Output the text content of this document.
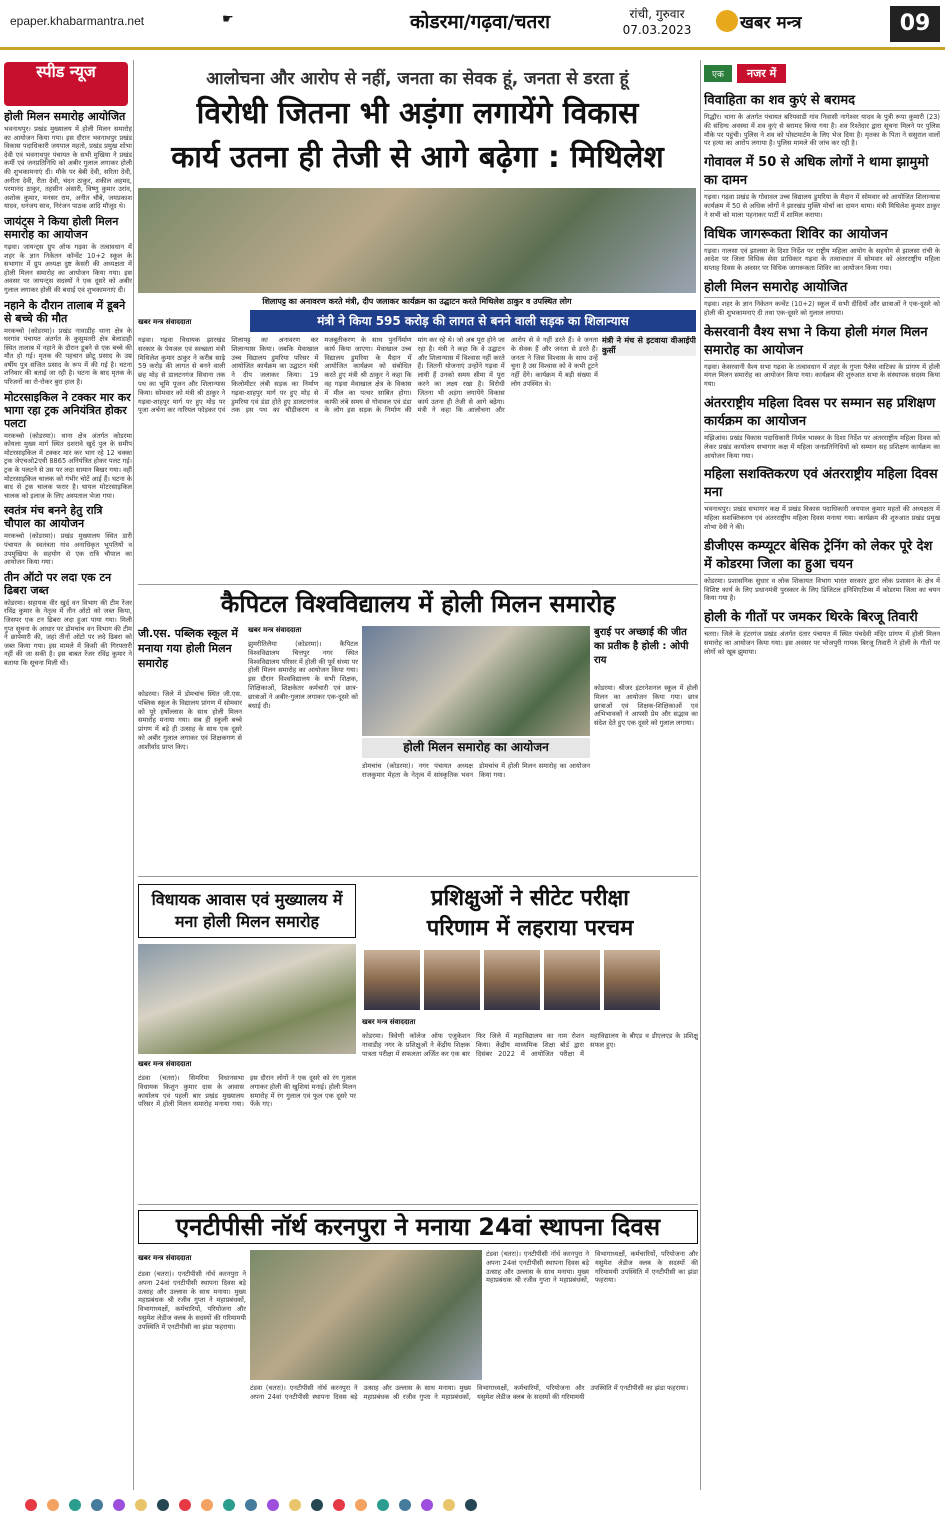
epaper.khabarmantra.net	☛	कोडरमा/गढ़वा/चतरा	रांची, गुरुवार
07.03.2023	खबर मन्त्र	09
स्पीड न्यूज
होली मिलन समारोह आयोजित
भवनाथपुर। प्रखंड मुख्यालय में होली मिलन समारोह का आयोजन किया गया। इस दौरान भवनाथपुर प्रखंड विकास पदाधिकारी जयपाल महतो, प्रखंड प्रमुख शोभा देवी एवं भवनाथपुर पंचायत के सभी मुखिया ने प्रखंड कर्मी एवं जनप्रतिनिधि को अबीर गुलाल लगाकर होली की शुभकामनाएं दी। मौके पर बेबी देवी, सरिता देवी, अनीता देवी, रीता देवी, चंदन ठाकुर, शकील अहमद, परमानंद ठाकुर, तहसीन अंसारी, विष्णु कुमार उरांव, अशोक कुमार, मनसर राम, अनीत चौबे, जयप्रकाश यादव, धनंजय साव, निरंजन पाठक आदि मौजूद थे।
जायंट्स ने किया होली मिलन समारोह का आयोजन
गढ़वा। जायन्ट्स ग्रुप ऑफ गढ़वा के तत्वावधान में शहर के ज्ञान निकेतन कॉन्वेंट 10+2 स्कूल के सभागार में ग्रुप अध्यक्ष दुष्ट केसरी की अध्यक्षता में होली मिलन समारोह का आयोजन किया गया। इस अवसर पर जायन्ट्स सदस्यों ने एक दूसरे को अबीर गुलाल लगाकर होली की बधाई एवं शुभकामनाएं दी।
नहाने के दौरान तालाब में डूबने से बच्चे की मौत
मरकच्चो (कोडरमा)। प्रखंड नावाडीह थाना क्षेत्र के घरगांव पंचायत अंतर्गत के कुसुमतरी क्षेत्र बेलाडाही स्थित तालाब में नहाने के दौरान डूबने से एक बच्चे की मौत हो गई। मृतक की पहचान छोटू प्रसाद के उम्र वर्षीय पुत्र संजित प्रसाद के रूप में की गई है। घटना शनिवार की बताई जा रही है। घटना के बाद मृतक के परिजनों का रो-रोकर बुरा हाल है।
मोटरसाइकिल ने टक्कर मार कर भागा रहा ट्रक अनियंत्रित होकर पलटा
मरकच्चो (कोडरमा)। थाना क्षेत्र अंतर्गत कोडरमा कोयला मुख्य मार्ग स्थित दशरावे खुर्द पुल के समीप मोटरसाइकिल में टक्कर मार कर भाग रहे 12 चक्का ट्रक जेएचओ2एवी 8865 अनियंत्रित होकर पलट गई। ट्रक के पलटने से उस पर लदा सामान बिखर गया। वहीं मोटरसाइकिल चालक को गंभीर चोटें आई हैं। घटना के बाद से ट्रक चालक फरार है। घायल मोटरसाइकिल चालक को इलाज के लिए अस्पताल भेजा गया।
स्वतंत्र मंच बनने हेतु रात्रि चौपाल का आयोजन
मरकच्चो (कोडरमा)। प्रखंड मुख्यालय स्थित डारी पंचायत के स्वतंत्रता गांव अनाधिकृत भूपतियों व उपमुखिया के सहयोग से एक रात्रि चौपाल का आयोजन किया गया।
तीन ऑटो पर लदा एक टन ढिबरा जब्त
कोडरमा। सहायक वीर खुर्द वन विभाग की टीम रेंजर रविंद्र कुमार के नेतृत्व में तीन ऑटो को जब्त किया, जिसपर एक टन ढिबरा लदा हुआ पाया गया। मिली गुप्त सूचना के आधार पर डोमचांच वन विभाग की टीम ने छापेमारी की, जहां तीनों ऑटो पर लदे ढिबरा को जब्त किया गया। इस मामले में किसी की गिरफ्तारी नहीं की जा सकी है। इस बाबत रेंजर रविंद्र कुमार ने बताया कि सूचना मिली थी।
आलोचना और आरोप से नहीं, जनता का सेवक हूं, जनता से डरता हूं
विरोधी जितना भी अड़ंगा लगायेंगे विकास
कार्य उतना ही तेजी से आगे बढ़ेगा : मिथिलेश
शिलापट्ट का अनावरण करते मंत्री, दीप जलाकर कार्यक्रम का उद्घाटन करते मिथिलेश ठाकुर व उपस्थित लोग
खबर मन्त्र संवाददाता	मंत्री ने किया 595 करोड़ की लागत से बनने वाली सड़क का शिलान्यास
गढ़वा। गढ़वा विधायक झारखंड सरकार के पेयजल एवं स्वच्छता मंत्री मिथिलेश कुमार ठाकुर ने करीब साढ़े 59 करोड़ की लागत से बनने वाली छह मोड़ से डालटनगंज सिवाना तक पथ का भूमि पूजन और शिलान्यास किया। सोमवार को मंत्री श्री ठाकुर ने गढ़वा-शाहपुर मार्ग पर हुए मोड़ पर पूजा अर्चना कर नारियल फोड़कर एवं शिलापट्ट का अनावरण कर शिलान्यास किया। जबकि मेवाखाल उच्च विद्यालय डुमरिया परिसर में आयोजित कार्यक्रम का उद्घाटन मंत्री ने दीप जलाकर किया। 19 किलोमीटर लंबी सड़क का निर्माण गढ़वा-शाहपुर मार्ग पर हुए मोड़ से डुमरिया एवं डंडा होते हुए डालटनगंज तक इस पथ का चौड़ीकरण व मजबूतीकरण के साथ पुनर्निर्माण कार्य किया जाएगा। मेवाखाल उच्च विद्यालय डुमरिया के मैदान में आयोजित कार्यक्रम को संबोधित करते हुए मंत्री श्री ठाकुर ने कहा कि वह गढ़वा मेवाखाल क्षेत्र के विकास में मील का पत्थर साबित होगा। काफी लंबे समय से गोवावल एवं डंडा के लोग इस सड़क के निर्माण की मांग कर रहे थे। जो अब पूरा होने जा रहा है। मंत्री ने कहा कि वे उद्घाटन और शिलान्यास में विश्वास नहीं करते हैं। जितनी योजनाएं उन्होंने गढ़वा में लायी हैं उनको समय सीमा में पूरा करने का लक्ष्य रखा है। विरोधी जितना भी अड़ंगा लगायेंगे विकास कार्य उतना ही तेजी से आगे बढ़ेगा। मंत्री ने कहा कि आलोचना और आरोप से वे नहीं डरते हैं। वे जनता के सेवक हैं और जनता से डरते हैं। जनता ने जिस विश्वास के साथ उन्हें चुना है उस विश्वास को वे कभी टूटने नहीं देंगे। कार्यक्रम में बड़ी संख्या में लोग उपस्थित थे।
मंत्री ने मंच से इटवाया वीआईपी कुर्सी
एक नजर में
विवाहिता का शव कुएं से बरामद
गिद्धौर। थाना के अंतर्गत पंचायत बरियवाडी गांव निवासी नागेश्वर यादव के पुत्री रूपा कुमारी (23) की संदिग्ध अवस्था में शव कुएं से बरामद किया गया है। शव रिश्तेदार द्वारा सूचना मिलने पर पुलिस मौके पर पहुंची। पुलिस ने शव को पोस्टमार्टम के लिए भेज दिया है। मृतका के पिता ने ससुराल वालों पर हत्या का आरोप लगाया है। पुलिस मामले की जांच कर रही है।
गोवावल में 50 से अधिक लोगों ने थामा झामुमो का दामन
गढ़वा। गढ़वा प्रखंड के गोवावल उच्च विद्यालय डुमरिया के मैदान में सोमवार को आयोजित शिलान्यास कार्यक्रम में 50 से अधिक लोगों ने झारखंड मुक्ति मोर्चा का दामन थामा। मंत्री मिथिलेश कुमार ठाकुर ने सभी को माला पहनाकर पार्टी में शामिल कराया।
विधिक जागरूकता शिविर का आयोजन
गढ़वा। नालसा एवं झालसा के दिशा निर्देश पर राष्ट्रीय महिला आयोग के सहयोग से झालसा रांची के आदेश पर जिला विधिक सेवा प्राधिकार गढ़वा के तत्वावधान में सोमवार को अंतरराष्ट्रीय महिला सप्ताह दिवस के अवसर पर विधिक जागरूकता शिविर का आयोजन किया गया।
होली मिलन समारोह आयोजित
गढ़वा। शहर के ज्ञान निकेतन कन्वेंट (10+2) स्कूल में सभी दीदियों और छात्राओं ने एक-दूसरे को होली की शुभकामनाएं दी तथा एक-दूसरे को गुलाल लगाया।
केसरवानी वैश्य सभा ने किया होली मंगल मिलन समारोह का आयोजन
गढ़वा। केसरवानी वैश्य सभा गढ़वा के तत्वावधान में शहर के गुप्ता पैलेस वाटिका के प्रांगण में होली मंगल मिलन समारोह का आयोजन किया गया। कार्यक्रम की शुरुआत सभा के संस्थापक सदस्य किया गया।
अंतरराष्ट्रीय महिला दिवस पर सम्मान सह प्रशिक्षण कार्यक्रम का आयोजन
मझिआंव। प्रखंड विकास पदाधिकारी निर्मल भास्कर के दिशा निर्देश पर अंतरराष्ट्रीय महिला दिवस को लेकर प्रखंड कार्यालय सभागार कक्ष में महिला जनप्रतिनिधियों को सम्मान सह प्रशिक्षण कार्यक्रम का आयोजन किया गया।
महिला सशक्तिकरण एवं अंतरराष्ट्रीय महिला दिवस मना
भवनाथपुर। प्रखंड सभागार कक्ष में प्रखंड विकास पदाधिकारी जयपाल कुमार महतो की अध्यक्षता में महिला सशक्तिकरण एवं अंतरराष्ट्रीय महिला दिवस मनाया गया। कार्यक्रम की शुरुआत प्रखंड प्रमुख शोभा देवी ने की।
डीजीएस कम्प्यूटर बेसिक ट्रेनिंग को लेकर पूरे देश में कोडरमा जिला का हुआ चयन
कोडरमा। प्रशासनिक सुधार व लोक शिकायत विभाग भारत सरकार द्वारा लोक प्रशासन के क्षेत्र में विशिष्ट कार्य के लिए प्रधानमंत्री पुरस्कार के लिए डिजिटल इनिशिएटिव्स में कोडरमा जिला का चयन किया गया है।
होली के गीतों पर जमकर थिरके बिरजू तिवारी
चतरा। जिले के हंटरगंज प्रखंड अंतर्गत दंतार पंचायत में स्थित पंचदेवी मंदिर प्रांगण में होली मिलन समारोह का आयोजन किया गया। इस अवसर पर भोजपुरी गायक बिरजू तिवारी ने होली के गीतों पर लोगों को खूब झुमाया।
कैपिटल विश्वविद्यालय में होली मिलन समारोह
जी.एस. पब्लिक स्कूल में मनाया गया होली मिलन समारोह
कोडरमा। जिले में डोमचांच स्थित जी.एस. पब्लिक स्कूल के विद्यालय प्रांगण में सोमवार को पूरे हर्षोल्लास के साथ होली मिलन समारोह मनाया गया। सब ही स्कूली बच्चे प्रांगण में बड़े ही उत्साह के साथ एक दूसरे को अबीर गुलाल लगाकर एवं शिक्षकगण से आशीर्वाद प्राप्त किए।
खबर मन्त्र संवाददाता
झुमरीतिलैया (कोडरमा)। कैपिटल विश्वविद्यालय चित्तपुर नगर स्थित विश्वविद्यालय परिसर में होली की पूर्व संध्या पर होली मिलन समारोह का आयोजन किया गया। इस दौरान विश्वविद्यालय के सभी शिक्षक, शिक्षिकाओं, शिक्षकेतर कर्मचारी एवं छात्र-छात्राओं ने अबीर-गुलाल लगाकर एक-दूसरे को बधाई दी।
होली मिलन समारोह का आयोजन
डोमचांच (कोडरमा)। नगर पंचायत अध्यक्ष राजकुमार मेहता के नेतृत्व में सांस्कृतिक भवन डोमचांच में होली मिलन समारोह का आयोजन किया गया।
बुराई पर अच्छाई की जीत का प्रतीक है होली : ओपी राय
कोडरमा। श्रीजर इंटरनेशनल स्कूल में होली मिलन का आयोजन किया गया। छात्र छात्राओं एवं शिक्षक-शिक्षिकाओं एवं अभिभावकों ने आपसी प्रेम और सद्भाव का संदेश देते हुए एक दूसरे को गुलाल लगाया।
विधायक आवास एवं मुख्यालय में मना होली मिलन समारोह
खबर मन्त्र संवाददाता
टंडवा (चतरा)। सिमरिया विधानसभा विधायक किशुन कुमार दास के आवास कार्यालय एवं पहली बार प्रखंड मुख्यालय परिसर में होली मिलन समारोह मनाया गया। इस दौरान लोगों ने एक दूसरे को रंग गुलाल लगाकर होली की खुशियां मनाई। होली मिलन समारोह में रंग गुलाल एवं फूल एक दूसरे पर फेंके गए।
प्रशिक्षुओं ने सीटेट परीक्षा
परिणाम में लहराया परचम
खबर मन्त्र संवाददाता
कोडरमा। त्रिवेणी कॉलेज ऑफ एजुकेशन नावाडीह नगर के प्रशिक्षुओं ने केंद्रीय शिक्षक पात्रता परीक्षा में सफलता अर्जित कर एक बार फिर जिले में महाविद्यालय का नाम रोशन किया। केंद्रीय माध्यमिक शिक्षा बोर्ड द्वारा दिसंबर 2022 में आयोजित परीक्षा में महाविद्यालय के बीएड व डीएलएड के प्रशिक्षु सफल हुए।
एनटीपीसी नॉर्थ करनपुरा ने मनाया 24वां स्थापना दिवस
खबर मन्त्र संवाददाता
टंडवा (चतरा)। एनटीपीसी नॉर्थ करनपुरा ने अपना 24वां एनटीपीसी स्थापना दिवस बड़े उत्साह और उल्लास के साथ मनाया। मुख्य महाप्रबंधक श्री रजीव गुप्ता ने महाप्रबंधकों, विभागाध्यक्षों, कर्मचारियों, परियोजना और यसुमेश लेडीज क्लब के सदस्यों की गरिमामयी उपस्थिति में एनटीपीसी का झंडा फहराया।
टंडवा (चतरा)। एनटीपीसी नॉर्थ करनपुरा ने अपना 24वां एनटीपीसी स्थापना दिवस बड़े उत्साह और उल्लास के साथ मनाया। मुख्य महाप्रबंधक श्री रजीव गुप्ता ने महाप्रबंधकों, विभागाध्यक्षों, कर्मचारियों, परियोजना और यसुमेश लेडीज क्लब के सदस्यों की गरिमामयी उपस्थिति में एनटीपीसी का झंडा फहराया।
टंडवा (चतरा)। एनटीपीसी नॉर्थ करनपुरा ने अपना 24वां एनटीपीसी स्थापना दिवस बड़े उत्साह और उल्लास के साथ मनाया। मुख्य महाप्रबंधक श्री रजीव गुप्ता ने महाप्रबंधकों, विभागाध्यक्षों, कर्मचारियों, परियोजना और यसुमेश लेडीज क्लब के सदस्यों की गरिमामयी उपस्थिति में एनटीपीसी का झंडा फहराया।
